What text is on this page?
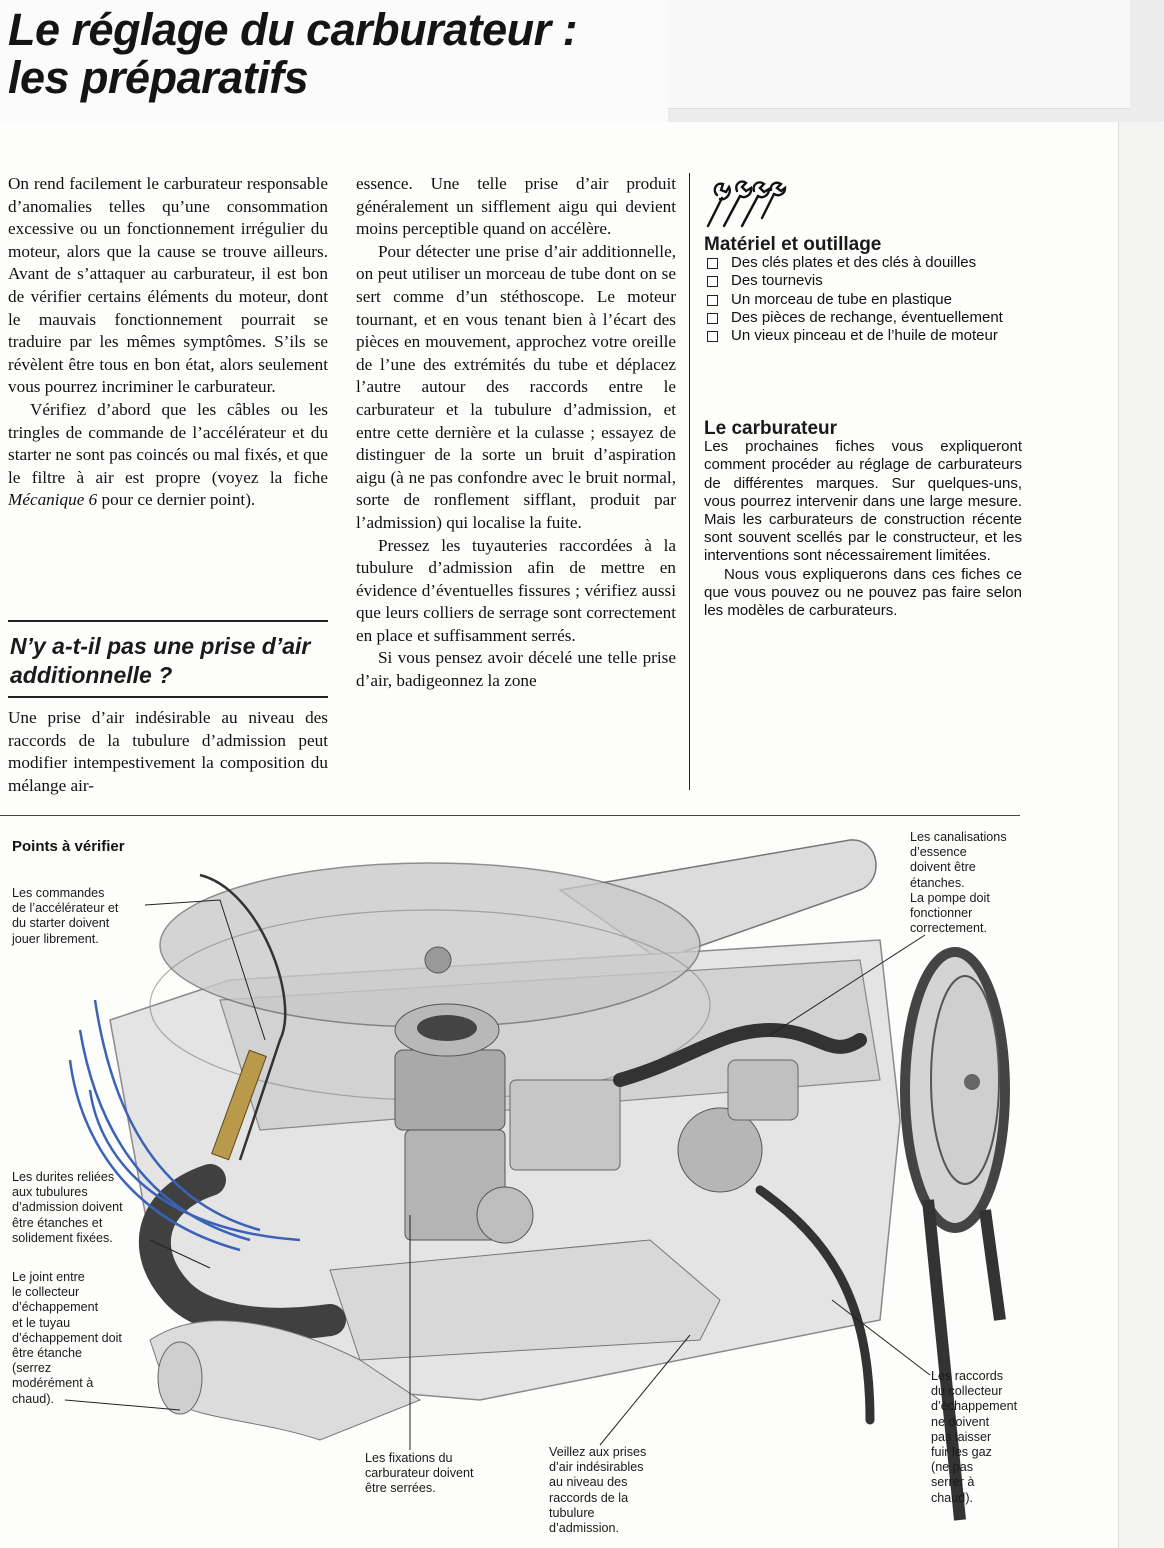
Le réglage du carburateur :
les préparatifs

On rend facilement le carburateur responsable d’anomalies telles qu’une consommation excessive ou un fonctionnement irrégulier du moteur, alors que la cause se trouve ailleurs. Avant de s’attaquer au carburateur, il est bon de vérifier certains éléments du moteur, dont le mauvais fonctionnement pourrait se traduire par les mêmes symptômes. S’ils se révèlent être tous en bon état, alors seulement vous pourrez incriminer le carburateur.

Vérifiez d’abord que les câbles ou les tringles de commande de l’accélérateur et du starter ne sont pas coincés ou mal fixés, et que le filtre à air est propre (voyez la fiche Mécanique 6 pour ce dernier point).

N’y a-t-il pas une prise d’air additionnelle ?

Une prise d’air indésirable au niveau des raccords de la tubulure d’admission peut modifier intempestivement la composition du mélange air-

essence. Une telle prise d’air produit généralement un sifflement aigu qui devient moins perceptible quand on accélère.

Pour détecter une prise d’air additionnelle, on peut utiliser un morceau de tube dont on se sert comme d’un stéthoscope. Le moteur tournant, et en vous tenant bien à l’écart des pièces en mouvement, approchez votre oreille de l’une des extrémités du tube et déplacez l’autre autour des raccords entre le carburateur et la tubulure d’admission, et entre cette dernière et la culasse ; essayez de distinguer de la sorte un bruit d’aspiration aigu (à ne pas confondre avec le bruit normal, sorte de ronflement sifflant, produit par l’admission) qui localise la fuite.

Pressez les tuyauteries raccordées à la tubulure d’admission afin de mettre en évidence d’éventuelles fissures ; vérifiez aussi que leurs colliers de serrage sont correctement en place et suffisamment serrés.

Si vous pensez avoir décelé une telle prise d’air, badigeonnez la zone

Matériel et outillage
Des clés plates et des clés à douilles
Des tournevis
Un morceau de tube en plastique
Des pièces de rechange, éventuellement
Un vieux pinceau et de l’huile de moteur
Le carburateur

Les prochaines fiches vous expliqueront comment procéder au réglage de carburateurs de différentes marques. Sur quelques-uns, vous pourrez intervenir dans une large mesure. Mais les carburateurs de construction récente sont souvent scellés par le constructeur, et les interventions sont nécessairement limitées.

Nous vous expliquerons dans ces fiches ce que vous pouvez ou ne pouvez pas faire selon les modèles de carburateurs.

Points à vérifier
Les commandes
de l’accélérateur et
du starter doivent
jouer librement.
Les durites reliées
aux tubulures
d’admission doivent
être étanches et
solidement fixées.
Le joint entre
le collecteur
d’échappement
et le tuyau
d’échappement doit
être étanche
(serrez
modérément à
chaud).
Les fixations du
carburateur doivent
être serrées.
Veillez aux prises
d’air indésirables
au niveau des
raccords de la
tubulure
d’admission.
Les canalisations
d’essence
doivent être
étanches.
La pompe doit
fonctionner
correctement.
Les raccords
du collecteur
d’échappement
ne doivent
pas laisser
fuir les gaz
(ne pas
serrer à
chaud).
